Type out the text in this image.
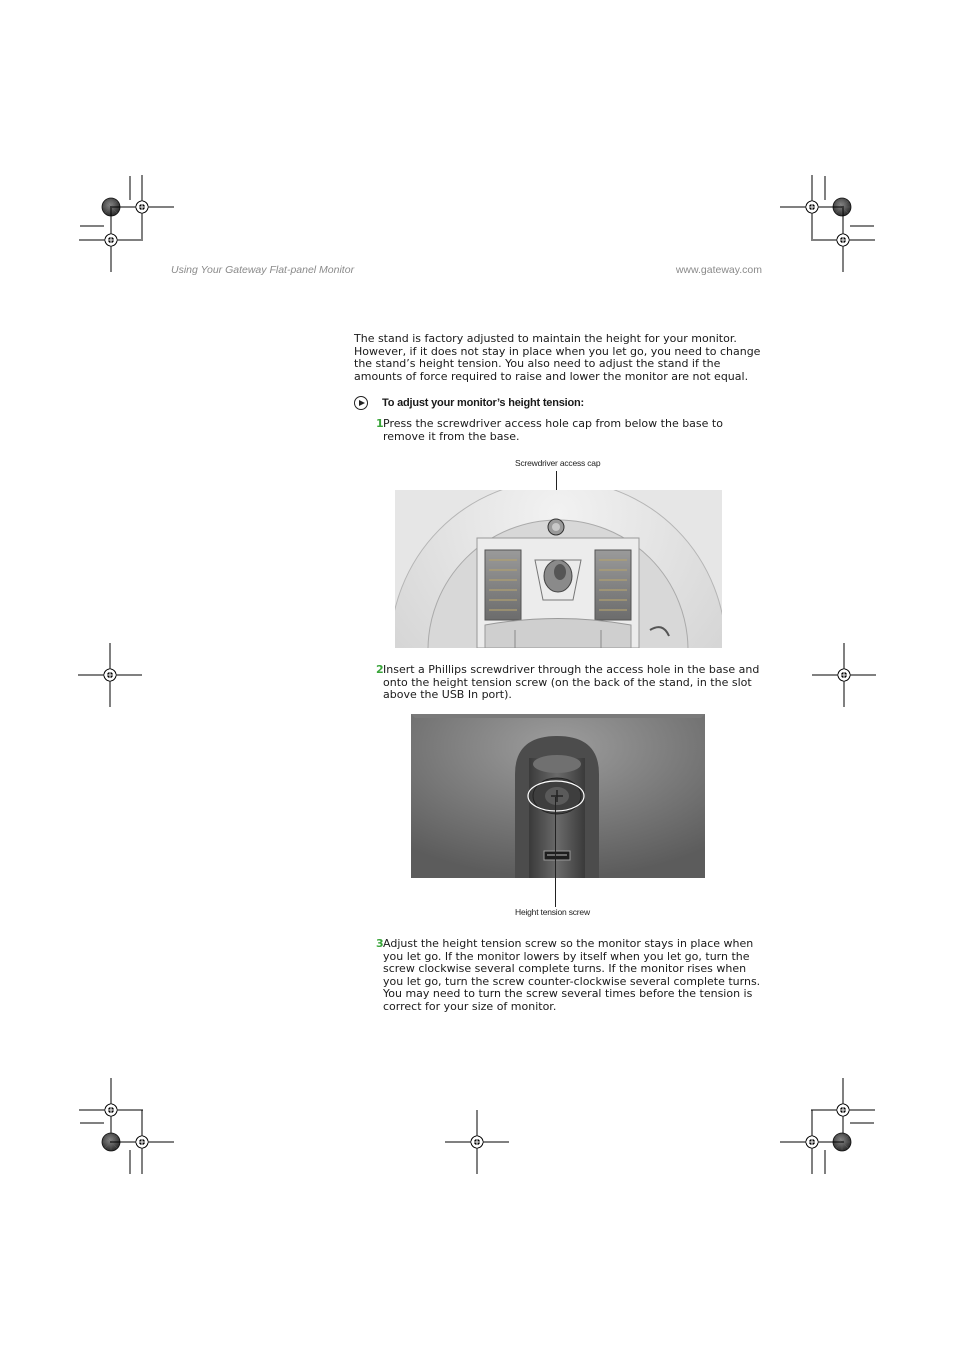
Using Your Gateway Flat-panel Monitor	www.gateway.com
The stand is factory adjusted to maintain the height for your monitor. However, if it does not stay in place when you let go, you need to change the stand’s height tension. You also need to adjust the stand if the amounts of force required to raise and lower the monitor are not equal.
To adjust your monitor’s height tension:
1 Press the screwdriver access hole cap from below the base to remove it from the base.
Screwdriver access cap
2 Insert a Phillips screwdriver through the access hole in the base and onto the height tension screw (on the back of the stand, in the slot above the USB In port).
Height tension screw
3 Adjust the height tension screw so the monitor stays in place when you let go. If the monitor lowers by itself when you let go, turn the screw clockwise several complete turns. If the monitor rises when you let go, turn the screw counter-clockwise several complete turns. You may need to turn the screw several times before the tension is correct for your size of monitor.
